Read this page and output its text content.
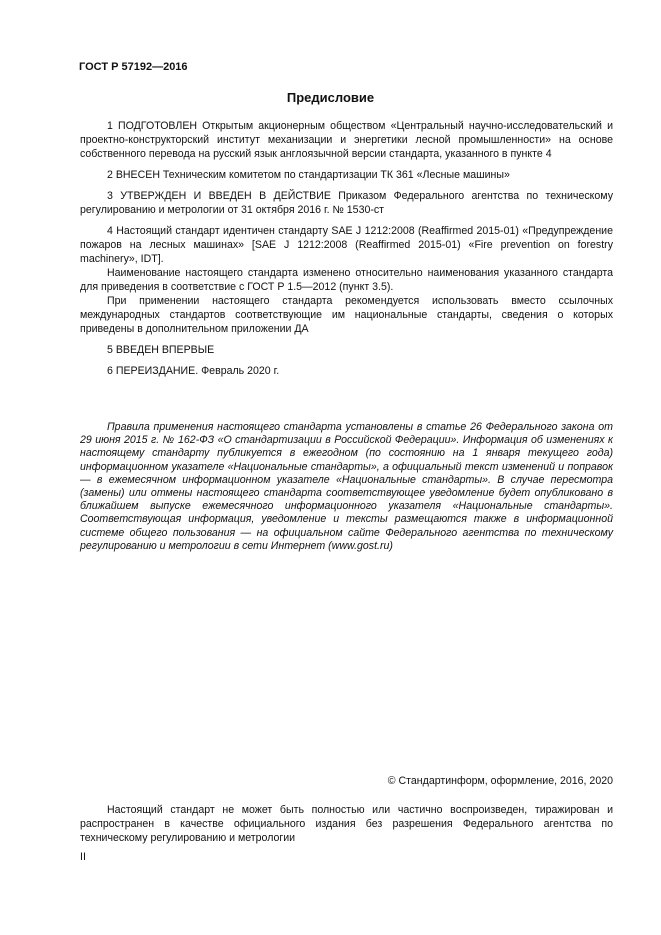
ГОСТ Р 57192—2016
Предисловие

1 ПОДГОТОВЛЕН Открытым акционерным обществом «Центральный научно-исследовательский и проектно-конструкторский институт механизации и энергетики лесной промышленности» на основе собственного перевода на русский язык англоязычной версии стандарта, указанного в пункте 4

2 ВНЕСЕН Техническим комитетом по стандартизации ТК 361 «Лесные машины»

3 УТВЕРЖДЕН И ВВЕДЕН В ДЕЙСТВИЕ Приказом Федерального агентства по техническому регулированию и метрологии от 31 октября 2016 г. № 1530-ст

4 Настоящий стандарт идентичен стандарту SAE J 1212:2008 (Reaffirmed 2015-01) «Предупреждение пожаров на лесных машинах» [SAE J 1212:2008 (Reaffirmed 2015-01) «Fire prevention on forestry machinery», IDT].

Наименование настоящего стандарта изменено относительно наименования указанного стандарта для приведения в соответствие с ГОСТ Р 1.5—2012 (пункт 3.5).

При применении настоящего стандарта рекомендуется использовать вместо ссылочных международных стандартов соответствующие им национальные стандарты, сведения о которых приведены в дополнительном приложении ДА

5 ВВЕДЕН ВПЕРВЫЕ

6 ПЕРЕИЗДАНИЕ. Февраль 2020 г.

Правила применения настоящего стандарта установлены в статье 26 Федерального закона от 29 июня 2015 г. № 162-ФЗ «О стандартизации в Российской Федерации». Информация об изменениях к настоящему стандарту публикуется в ежегодном (по состоянию на 1 января текущего года) информационном указателе «Национальные стандарты», а официальный текст изменений и поправок — в ежемесячном информационном указателе «Национальные стандарты». В случае пересмотра (замены) или отмены настоящего стандарта соответствующее уведомление будет опубликовано в ближайшем выпуске ежемесячного информационного указателя «Национальные стандарты». Соответствующая информация, уведомление и тексты размещаются также в информационной системе общего пользования — на официальном сайте Федерального агентства по техническому регулированию и метрологии в сети Интернет (www.gost.ru)

© Стандартинформ, оформление, 2016, 2020

Настоящий стандарт не может быть полностью или частично воспроизведен, тиражирован и распространен в качестве официального издания без разрешения Федерального агентства по техническому регулированию и метрологии

II
